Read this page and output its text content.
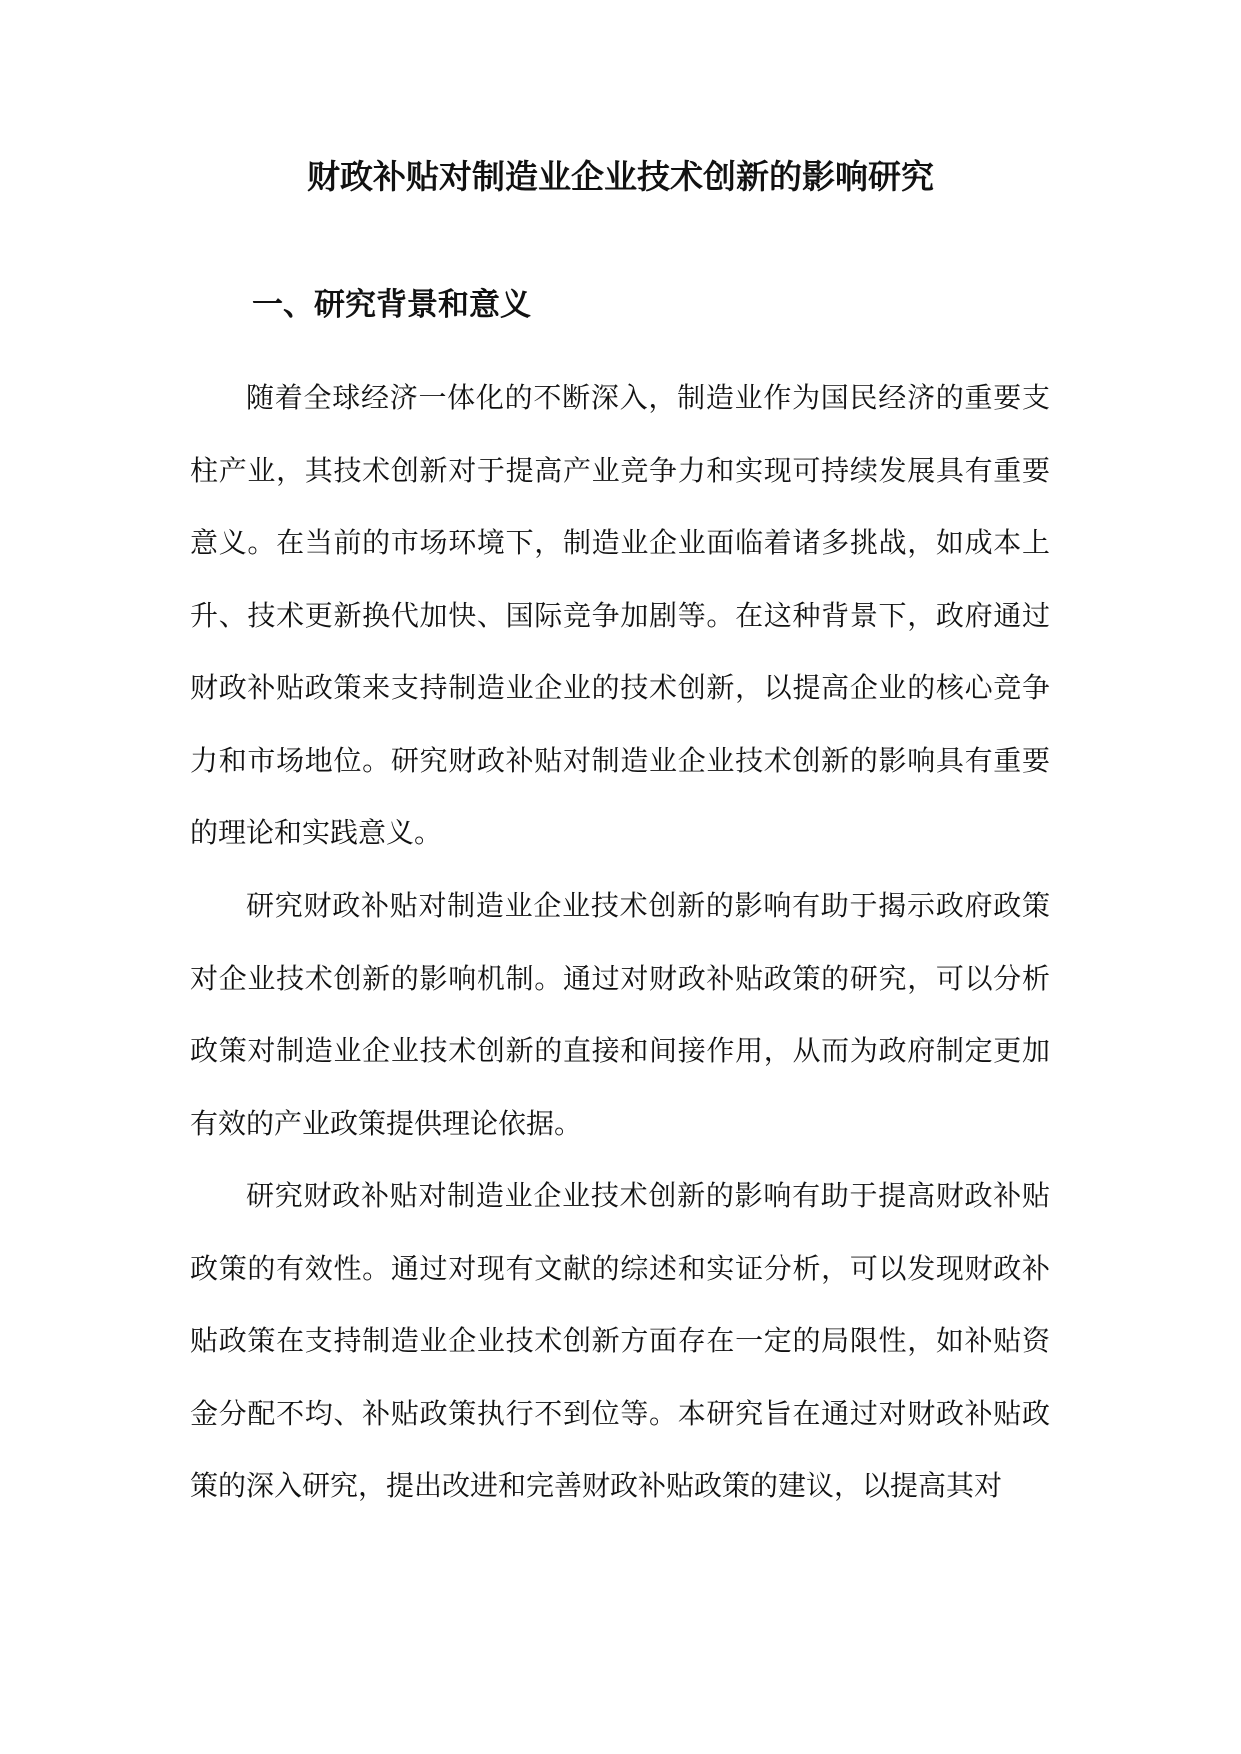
财政补贴对制造业企业技术创新的影响研究
一、研究背景和意义

随着全球经济一体化的不断深入，制造业作为国民经济的重要支柱产业，其技术创新对于提高产业竞争力和实现可持续发展具有重要意义。在当前的市场环境下，制造业企业面临着诸多挑战，如成本上升、技术更新换代加快、国际竞争加剧等。在这种背景下，政府通过财政补贴政策来支持制造业企业的技术创新，以提高企业的核心竞争力和市场地位。研究财政补贴对制造业企业技术创新的影响具有重要的理论和实践意义。

研究财政补贴对制造业企业技术创新的影响有助于揭示政府政策对企业技术创新的影响机制。通过对财政补贴政策的研究，可以分析政策对制造业企业技术创新的直接和间接作用，从而为政府制定更加有效的产业政策提供理论依据。

研究财政补贴对制造业企业技术创新的影响有助于提高财政补贴政策的有效性。通过对现有文献的综述和实证分析，可以发现财政补贴政策在支持制造业企业技术创新方面存在一定的局限性，如补贴资金分配不均、补贴政策执行不到位等。本研究旨在通过对财政补贴政策的深入研究，提出改进和完善财政补贴政策的建议，以提高其对
